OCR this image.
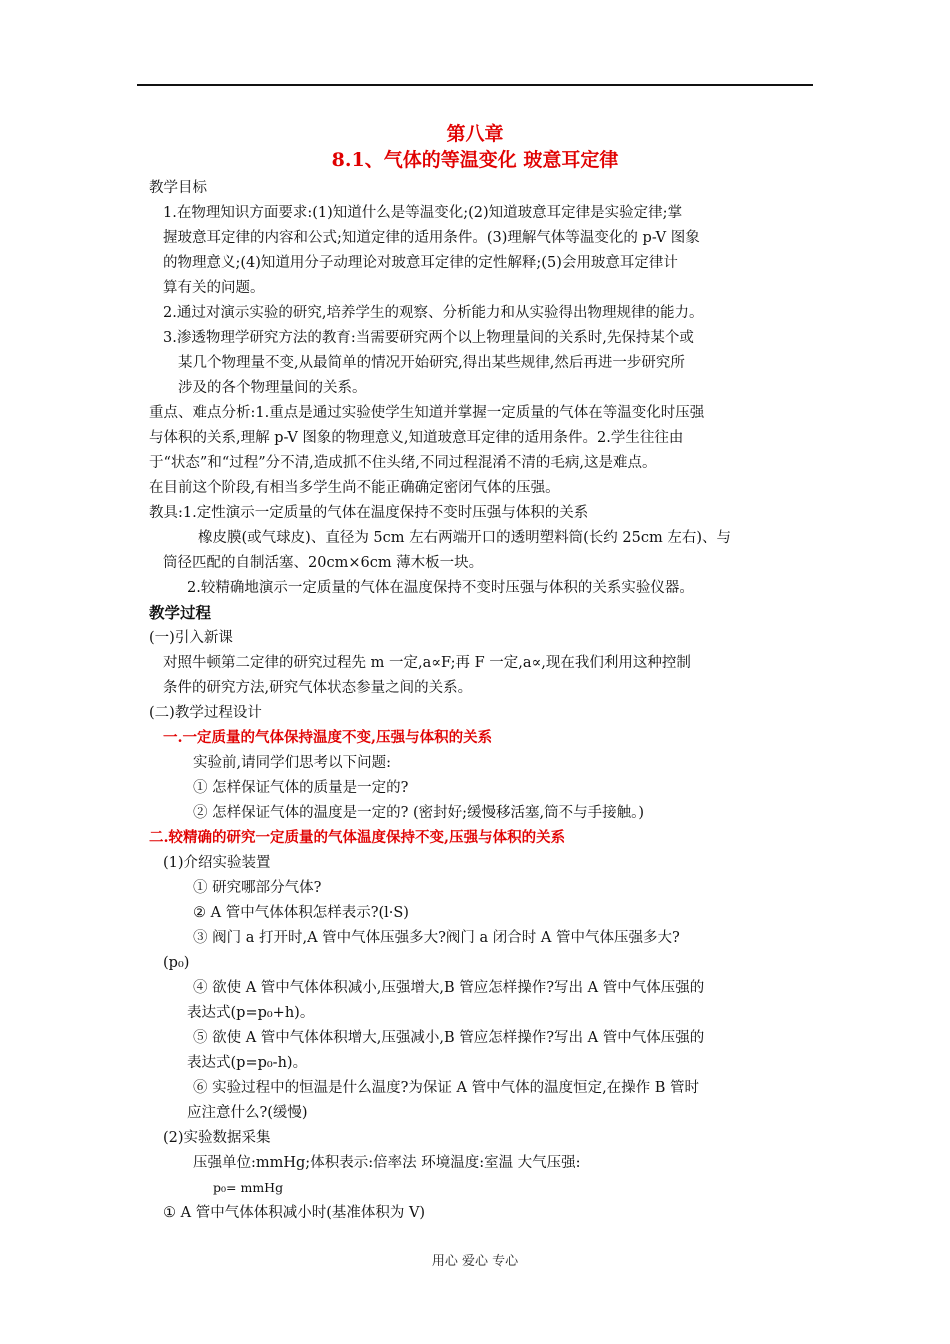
第八章
8.1、气体的等温变化 玻意耳定律
教学目标
1.在物理知识方面要求:(1)知道什么是等温变化;(2)知道玻意耳定律是实验定律;掌
握玻意耳定律的内容和公式;知道定律的适用条件。(3)理解气体等温变化的 p-V 图象
的物理意义;(4)知道用分子动理论对玻意耳定律的定性解释;(5)会用玻意耳定律计
算有关的问题。
2.通过对演示实验的研究,培养学生的观察、分析能力和从实验得出物理规律的能力。
3.渗透物理学研究方法的教育:当需要研究两个以上物理量间的关系时,先保持某个或
某几个物理量不变,从最简单的情况开始研究,得出某些规律,然后再进一步研究所
涉及的各个物理量间的关系。
重点、难点分析:1.重点是通过实验使学生知道并掌握一定质量的气体在等温变化时压强
与体积的关系,理解 p-V 图象的物理意义,知道玻意耳定律的适用条件。2.学生往往由
于“状态”和“过程”分不清,造成抓不住头绪,不同过程混淆不清的毛病,这是难点。
在目前这个阶段,有相当多学生尚不能正确确定密闭气体的压强。
教具:1.定性演示一定质量的气体在温度保持不变时压强与体积的关系
橡皮膜(或气球皮)、直径为 5cm 左右两端开口的透明塑料筒(长约 25cm 左右)、与
筒径匹配的自制活塞、20cm×6cm 薄木板一块。
2.较精确地演示一定质量的气体在温度保持不变时压强与体积的关系实验仪器。
教学过程
(一)引入新课
对照牛顿第二定律的研究过程先 m 一定,a∝F;再 F 一定,a∝,现在我们利用这种控制
条件的研究方法,研究气体状态参量之间的关系。
(二)教学过程设计
一.一定质量的气体保持温度不变,压强与体积的关系
实验前,请同学们思考以下问题:
① 怎样保证气体的质量是一定的?
② 怎样保证气体的温度是一定的? (密封好;缓慢移活塞,筒不与手接触。)
二.较精确的研究一定质量的气体温度保持不变,压强与体积的关系
(1)介绍实验装置
① 研究哪部分气体?
② A 管中气体体积怎样表示?(l·S)
③ 阀门 a 打开时,A 管中气体压强多大?阀门 a 闭合时 A 管中气体压强多大?
(p₀)
④ 欲使 A 管中气体体积减小,压强增大,B 管应怎样操作?写出 A 管中气体压强的
表达式(p=p₀+h)。
⑤ 欲使 A 管中气体体积增大,压强减小,B 管应怎样操作?写出 A 管中气体压强的
表达式(p=p₀-h)。
⑥ 实验过程中的恒温是什么温度?为保证 A 管中气体的温度恒定,在操作 B 管时
应注意什么?(缓慢)
(2)实验数据采集
压强单位:mmHg;体积表示:倍率法 环境温度:室温 大气压强:
p₀= mmHg
① A 管中气体体积减小时(基准体积为 V)
用心 爱心 专心
